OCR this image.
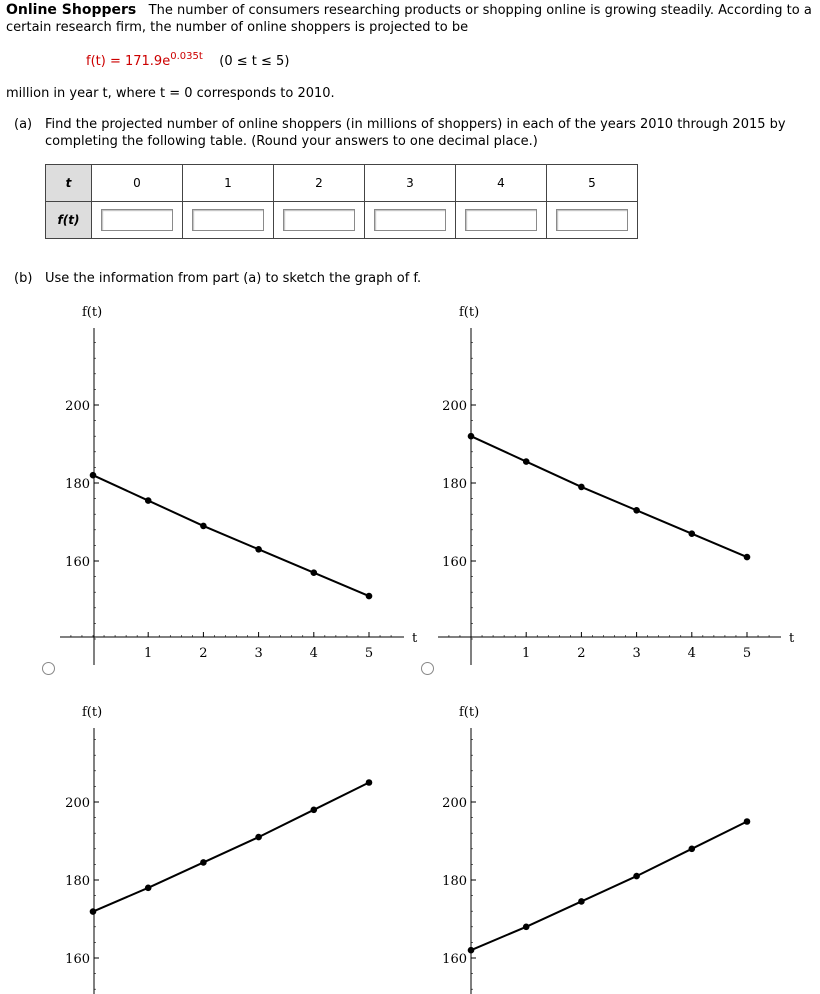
Online Shoppers The number of consumers researching products or shopping online is growing steadily. According to a
certain research firm, the number of online shoppers is projected to be
$f(t) = 171.9e^{0.035t}$ (0 ≤ t ≤ 5)
million in year t, where t = 0 corresponds to 2010.
(a) Find the projected number of online shoppers (in millions of shoppers) in each of the years 2010 through 2015 by
completing the following table. (Round your answers to one decimal place.)
t	0	1	2	3	4	5
f(t)						
(b) Use the information from part (a) to sketch the graph of f.
f(t)
160
180
200
1	2	3	4	5
t
f(t)
160
180
200
1	2	3	4	5
t
f(t)
160
180
200
f(t)
160
180
200
